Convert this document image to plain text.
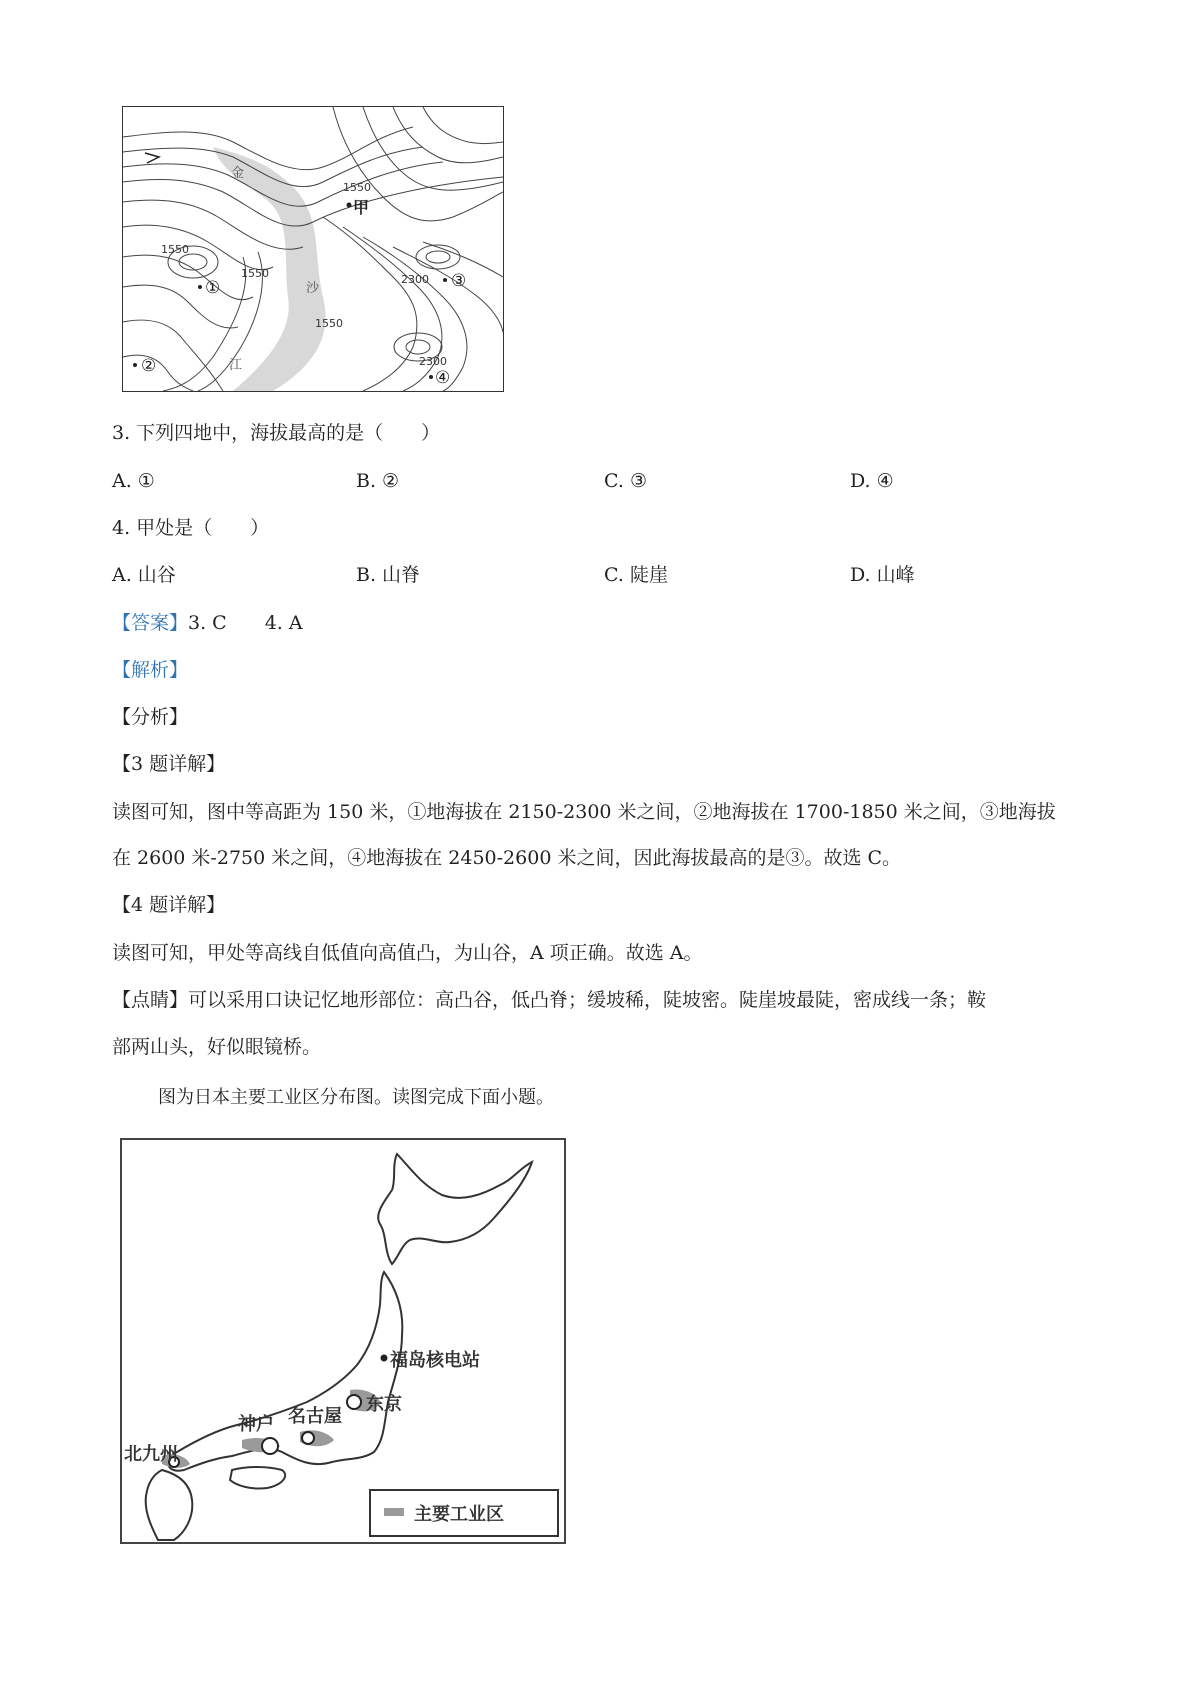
1550
1550
1550
1550
2300
2300
金
沙
江
甲
①
②
③
④
3. 下列四地中，海拔最高的是（　　）
A. ①	B. ②	C. ③	D. ④
4. 甲处是（　　）
A. 山谷	B. 山脊	C. 陡崖	D. 山峰
【答案】3. C　　4. A
【解析】
【分析】
【3 题详解】
读图可知，图中等高距为 150 米，①地海拔在 2150-2300 米之间，②地海拔在 1700-1850 米之间，③地海拔
在 2600 米-2750 米之间，④地海拔在 2450-2600 米之间，因此海拔最高的是③。故选 C。
【4 题详解】
读图可知，甲处等高线自低值向高值凸，为山谷，A 项正确。故选 A。
【点睛】可以采用口诀记忆地形部位：高凸谷，低凸脊；缓坡稀，陡坡密。陡崖坡最陡，密成线一条；鞍
部两山头，好似眼镜桥。
图为日本主要工业区分布图。读图完成下面小题。
福岛核电站
东京
名古屋
神户
北九州
主要工业区
